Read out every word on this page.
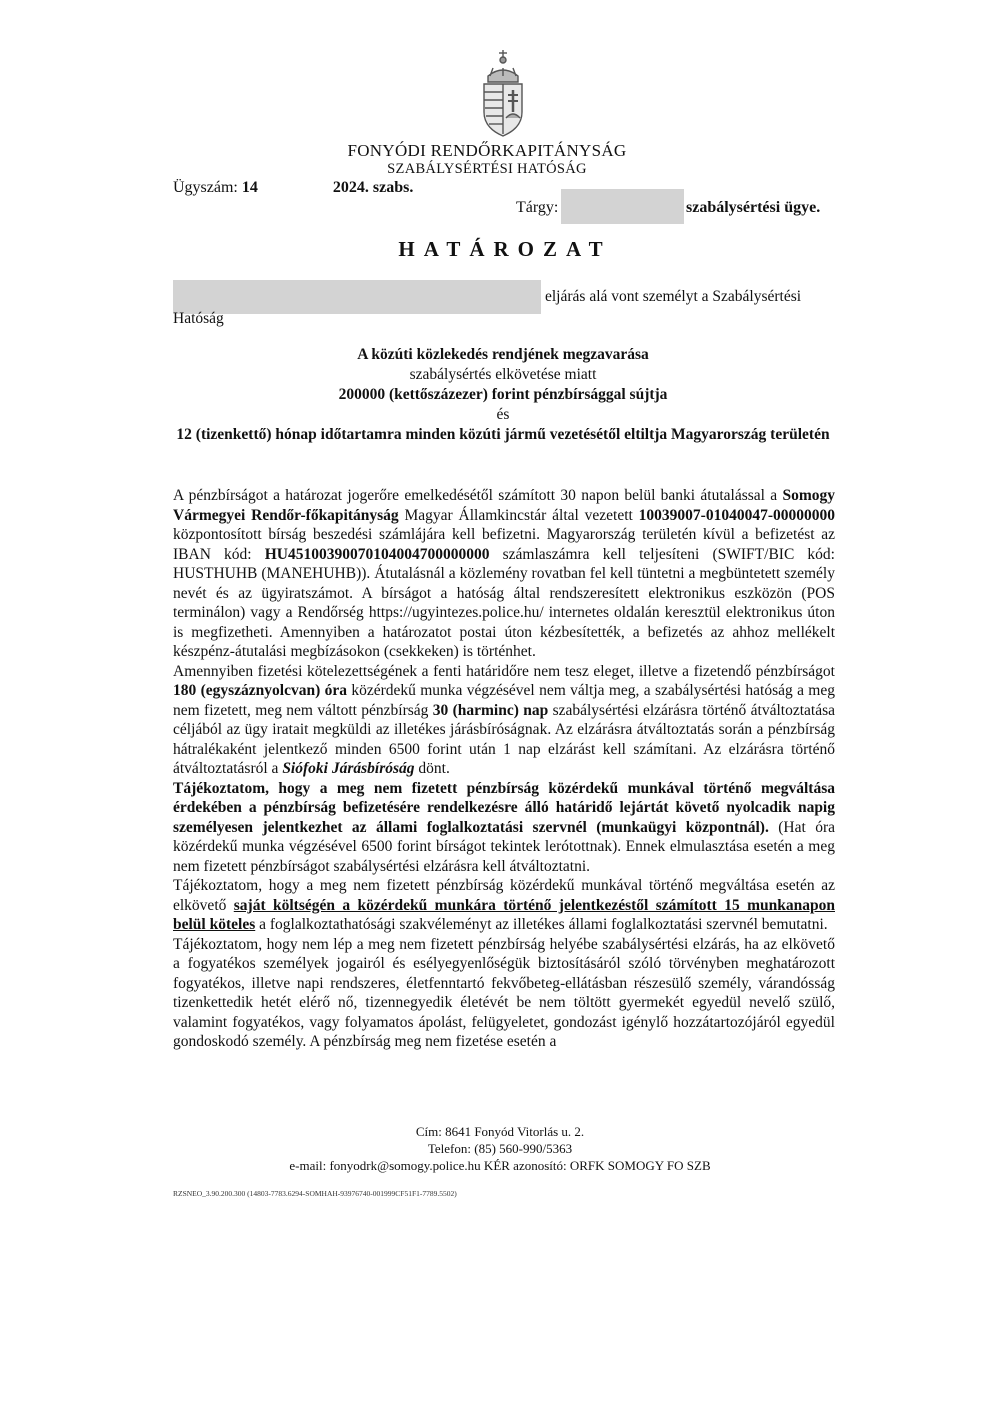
FONYÓDI RENDŐRKAPITÁNYSÁG
SZABÁLYSÉRTÉSI HATÓSÁG
Ügyszám: 14	2024. szabs.
Tárgy:	szabálysértési ügye.
HATÁROZAT
eljárás alá vont személyt a Szabálysértési
Hatóság
A közúti közlekedés rendjének megzavarása
szabálysértés elkövetése miatt
200000 (kettőszázezer) forint pénzbírsággal sújtja
és
12 (tizenkettő) hónap időtartamra minden közúti jármű vezetésétől eltiltja Magyarország területén

A pénzbírságot a határozat jogerőre emelkedésétől számított 30 napon belül banki átutalással a Somogy Vármegyei Rendőr-főkapitányság Magyar Államkincstár által vezetett 10039007-01040047-00000000 központosított bírság beszedési számlájára kell befizetni. Magyarország területén kívül a befizetést az IBAN kód: HU45100390070104004700000000 számlaszámra kell teljesíteni (SWIFT/BIC kód: HUSTHUHB (MANEHUHB)). Átutalásnál a közlemény rovatban fel kell tüntetni a megbüntetett személy nevét és az ügyiratszámot. A bírságot a hatóság által rendszeresített elektronikus eszközön (POS terminálon) vagy a Rendőrség https://ugyintezes.police.hu/ internetes oldalán keresztül elektronikus úton is megfizetheti. Amennyiben a határozatot postai úton kézbesítették, a befizetés az ahhoz mellékelt készpénz-átutalási megbízásokon (csekkeken) is történhet.

Amennyiben fizetési kötelezettségének a fenti határidőre nem tesz eleget, illetve a fizetendő pénzbírságot 180 (egyszáznyolcvan) óra közérdekű munka végzésével nem váltja meg, a szabálysértési hatóság a meg nem fizetett, meg nem váltott pénzbírság 30 (harminc) nap szabálysértési elzárásra történő átváltoztatása céljából az ügy iratait megküldi az illetékes járásbíróságnak. Az elzárásra átváltoztatás során a pénzbírság hátralékaként jelentkező minden 6500 forint után 1 nap elzárást kell számítani. Az elzárásra történő átváltoztatásról a Siófoki Járásbíróság dönt.

Tájékoztatom, hogy a meg nem fizetett pénzbírság közérdekű munkával történő megváltása érdekében a pénzbírság befizetésére rendelkezésre álló határidő lejártát követő nyolcadik napig személyesen jelentkezhet az állami foglalkoztatási szervnél (munkaügyi központnál). (Hat óra közérdekű munka végzésével 6500 forint bírságot tekintek lerótottnak). Ennek elmulasztása esetén a meg nem fizetett pénzbírságot szabálysértési elzárásra kell átváltoztatni.

Tájékoztatom, hogy a meg nem fizetett pénzbírság közérdekű munkával történő megváltása esetén az elkövető saját költségén a közérdekű munkára történő jelentkezéstől számított 15 munkanapon belül köteles a foglalkoztathatósági szakvéleményt az illetékes állami foglalkoztatási szervnél bemutatni.

Tájékoztatom, hogy nem lép a meg nem fizetett pénzbírság helyébe szabálysértési elzárás, ha az elkövető a fogyatékos személyek jogairól és esélyegyenlőségük biztosításáról szóló törvényben meghatározott fogyatékos, illetve napi rendszeres, életfenntartó fekvőbeteg-ellátásban részesülő személy, várandósság tizenkettedik hetét elérő nő, tizennegyedik életévét be nem töltött gyermekét egyedül nevelő szülő, valamint fogyatékos, vagy folyamatos ápolást, felügyeletet, gondozást igénylő hozzátartozójáról egyedül gondoskodó személy. A pénzbírság meg nem fizetése esetén a

Cím: 8641 Fonyód Vitorlás u. 2.
Telefon: (85) 560-990/5363
e-mail: fonyodrk@somogy.police.hu KÉR azonosító: ORFK SOMOGY FO SZB
RZSNEO_3.90.200.300 (14803-7783.6294-SOMHAH-93976740-001999CF51F1-7789.5502)
